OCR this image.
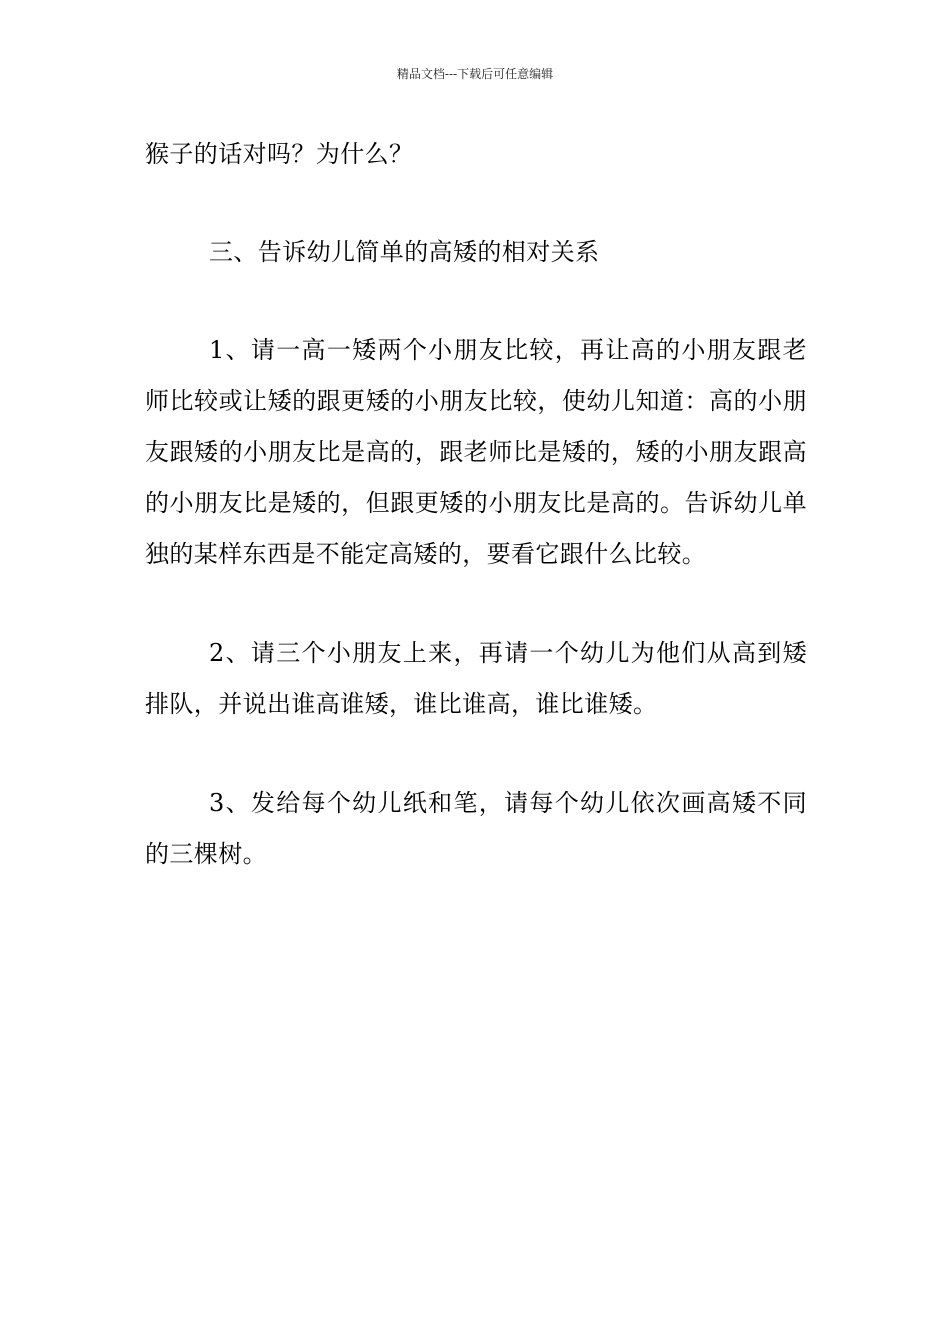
精品文档---下载后可任意编辑

猴子的话对吗？为什么？

三、告诉幼儿简单的高矮的相对关系

1、请一高一矮两个小朋友比较，再让高的小朋友跟老师比较或让矮的跟更矮的小朋友比较，使幼儿知道：高的小朋友跟矮的小朋友比是高的，跟老师比是矮的，矮的小朋友跟高的小朋友比是矮的，但跟更矮的小朋友比是高的。告诉幼儿单独的某样东西是不能定高矮的，要看它跟什么比较。

2、请三个小朋友上来，再请一个幼儿为他们从高到矮排队，并说出谁高谁矮，谁比谁高，谁比谁矮。

3、发给每个幼儿纸和笔，请每个幼儿依次画高矮不同的三棵树。
